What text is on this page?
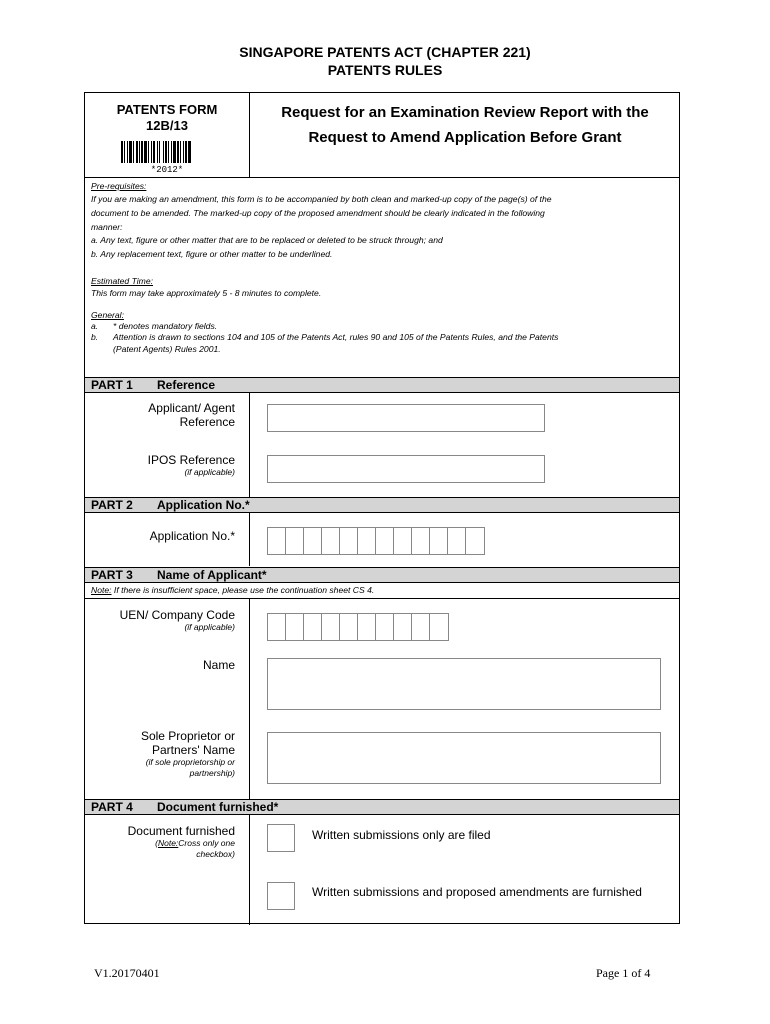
SINGAPORE PATENTS ACT (CHAPTER 221)
PATENTS RULES
PATENTS FORM
12B/13
*2012*
Request for an Examination Review Report with the
Request to Amend Application Before Grant
Pre-requisites:
If you are making an amendment, this form is to be accompanied by both clean and marked-up copy of the page(s) of the
document to be amended. The marked-up copy of the proposed amendment should be clearly indicated in the following
manner:
a. Any text, figure or other matter that are to be replaced or deleted to be struck through; and
b. Any replacement text, figure or other matter to be underlined.
Estimated Time:
This form may take approximately 5 - 8 minutes to complete.
General:
a.	* denotes mandatory fields.
b.	Attention is drawn to sections 104 and 105 of the Patents Act, rules 90 and 105 of the Patents Rules, and the Patents
(Patent Agents) Rules 2001.
PART 1 Reference
Applicant/ Agent
Reference
IPOS Reference
(if applicable)
PART 2 Application No.*
Application No.*
PART 3 Name of Applicant*
Note: If there is insufficient space, please use the continuation sheet CS 4.
UEN/ Company Code
(if applicable)
Name
Sole Proprietor or
Partners' Name
(if sole proprietorship or
partnership)
PART 4 Document furnished*
Document furnished
(Note:Cross only one
checkbox)
Written submissions only are filed
Written submissions and proposed amendments are furnished
V1.20170401	Page 1 of 4
